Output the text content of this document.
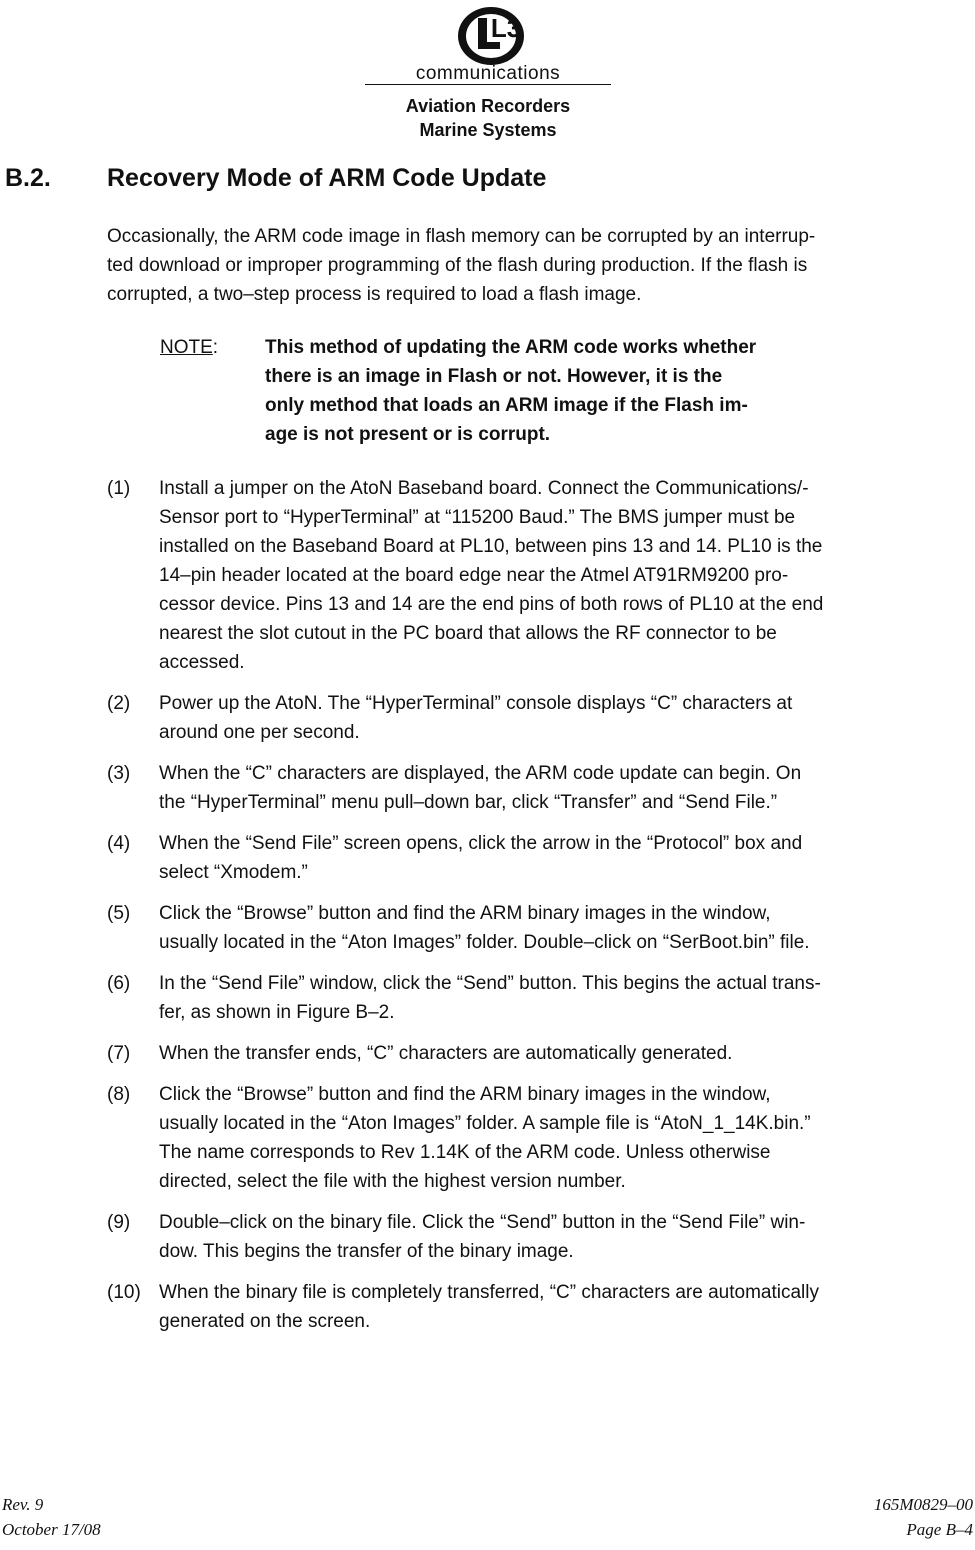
L3
communications
Aviation Recorders
Marine Systems
B.2. Recovery Mode of ARM Code Update
Occasionally, the ARM code image in flash memory can be corrupted by an interrup-
ted download or improper programming of the flash during production. If the flash is
corrupted, a two–step process is required to load a flash image.
NOTE: This method of updating the ARM code works whether
there is an image in Flash or not. However, it is the
only method that loads an ARM image if the Flash im-
age is not present or is corrupt.
(1) Install a jumper on the AtoN Baseband board. Connect the Communications/-
Sensor port to “HyperTerminal” at “115200 Baud.” The BMS jumper must be
installed on the Baseband Board at PL10, between pins 13 and 14. PL10 is the
14–pin header located at the board edge near the Atmel AT91RM9200 pro-
cessor device. Pins 13 and 14 are the end pins of both rows of PL10 at the end
nearest the slot cutout in the PC board that allows the RF connector to be
accessed.
(2) Power up the AtoN. The “HyperTerminal” console displays “C” characters at
around one per second.
(3) When the “C” characters are displayed, the ARM code update can begin. On
the “HyperTerminal” menu pull–down bar, click “Transfer” and “Send File.”
(4) When the “Send File” screen opens, click the arrow in the “Protocol” box and
select “Xmodem.”
(5) Click the “Browse” button and find the ARM binary images in the window,
usually located in the “Aton Images” folder. Double–click on “SerBoot.bin” file.
(6) In the “Send File” window, click the “Send” button. This begins the actual trans-
fer, as shown in Figure B–2.
(7) When the transfer ends, “C” characters are automatically generated.
(8) Click the “Browse” button and find the ARM binary images in the window,
usually located in the “Aton Images” folder. A sample file is “AtoN_1_14K.bin.”
The name corresponds to Rev 1.14K of the ARM code. Unless otherwise
directed, select the file with the highest version number.
(9) Double–click on the binary file. Click the “Send” button in the “Send File” win-
dow. This begins the transfer of the binary image.
(10) When the binary file is completely transferred, “C” characters are automatically
generated on the screen.
Rev. 9
October 17/08
165M0829–00
Page B–4
